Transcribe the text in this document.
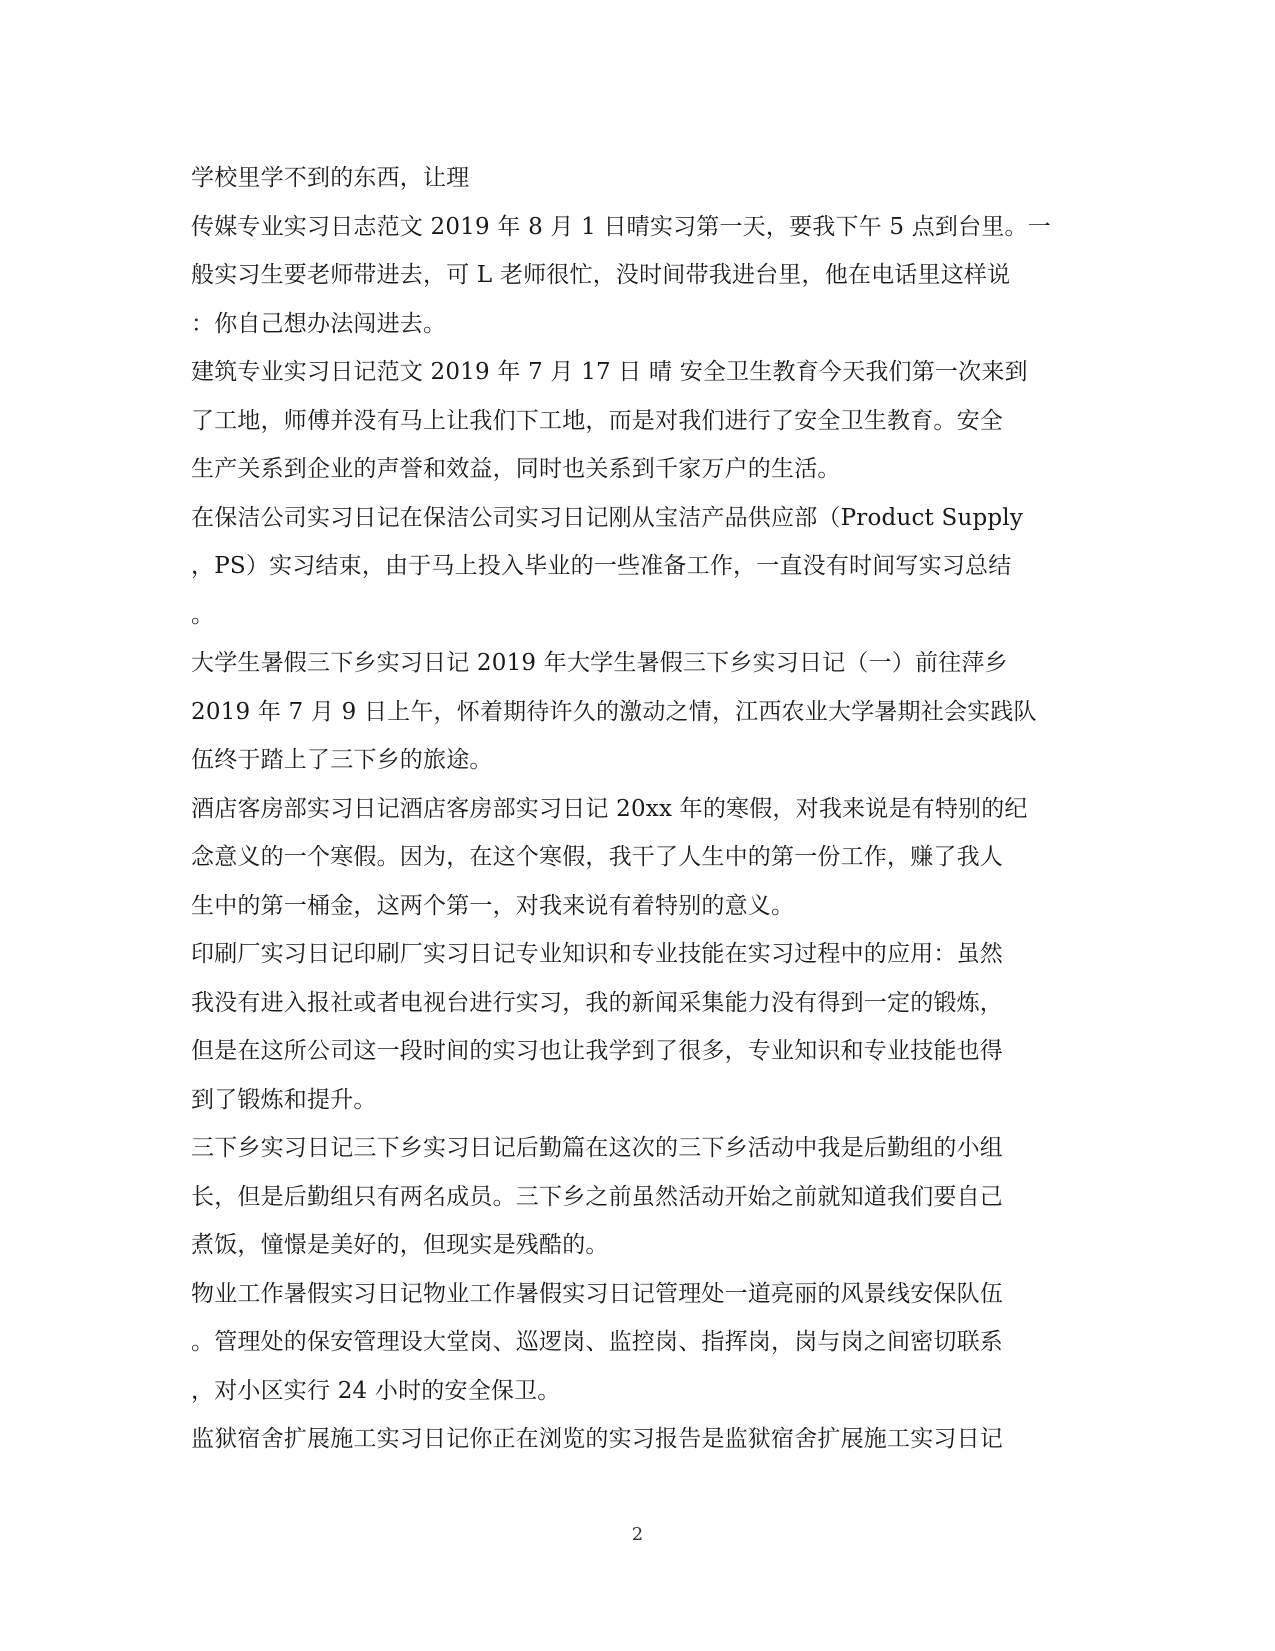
学校里学不到的东西，让理
传媒专业实习日志范文 2019 年 8 月 1 日晴实习第一天，要我下午 5 点到台里。一
般实习生要老师带进去，可 L 老师很忙，没时间带我进台里，他在电话里这样说
：你自己想办法闯进去。
建筑专业实习日记范文 2019 年 7 月 17 日 晴 安全卫生教育今天我们第一次来到
了工地，师傅并没有马上让我们下工地，而是对我们进行了安全卫生教育。安全
生产关系到企业的声誉和效益，同时也关系到千家万户的生活。
在保洁公司实习日记在保洁公司实习日记刚从宝洁产品供应部（Product Supply
，PS）实习结束，由于马上投入毕业的一些准备工作，一直没有时间写实习总结
。
大学生暑假三下乡实习日记 2019 年大学生暑假三下乡实习日记（一）前往萍乡
2019 年 7 月 9 日上午，怀着期待许久的激动之情，江西农业大学暑期社会实践队
伍终于踏上了三下乡的旅途。
酒店客房部实习日记酒店客房部实习日记 20xx 年的寒假，对我来说是有特别的纪
念意义的一个寒假。因为，在这个寒假，我干了人生中的第一份工作，赚了我人
生中的第一桶金，这两个第一，对我来说有着特别的意义。
印刷厂实习日记印刷厂实习日记专业知识和专业技能在实习过程中的应用：虽然
我没有进入报社或者电视台进行实习，我的新闻采集能力没有得到一定的锻炼，
但是在这所公司这一段时间的实习也让我学到了很多，专业知识和专业技能也得
到了锻炼和提升。
三下乡实习日记三下乡实习日记后勤篇在这次的三下乡活动中我是后勤组的小组
长，但是后勤组只有两名成员。三下乡之前虽然活动开始之前就知道我们要自己
煮饭，憧憬是美好的，但现实是残酷的。
物业工作暑假实习日记物业工作暑假实习日记管理处一道亮丽的风景线安保队伍
。管理处的保安管理设大堂岗、巡逻岗、监控岗、指挥岗，岗与岗之间密切联系
，对小区实行 24 小时的安全保卫。
监狱宿舍扩展施工实习日记你正在浏览的实习报告是监狱宿舍扩展施工实习日记
2
